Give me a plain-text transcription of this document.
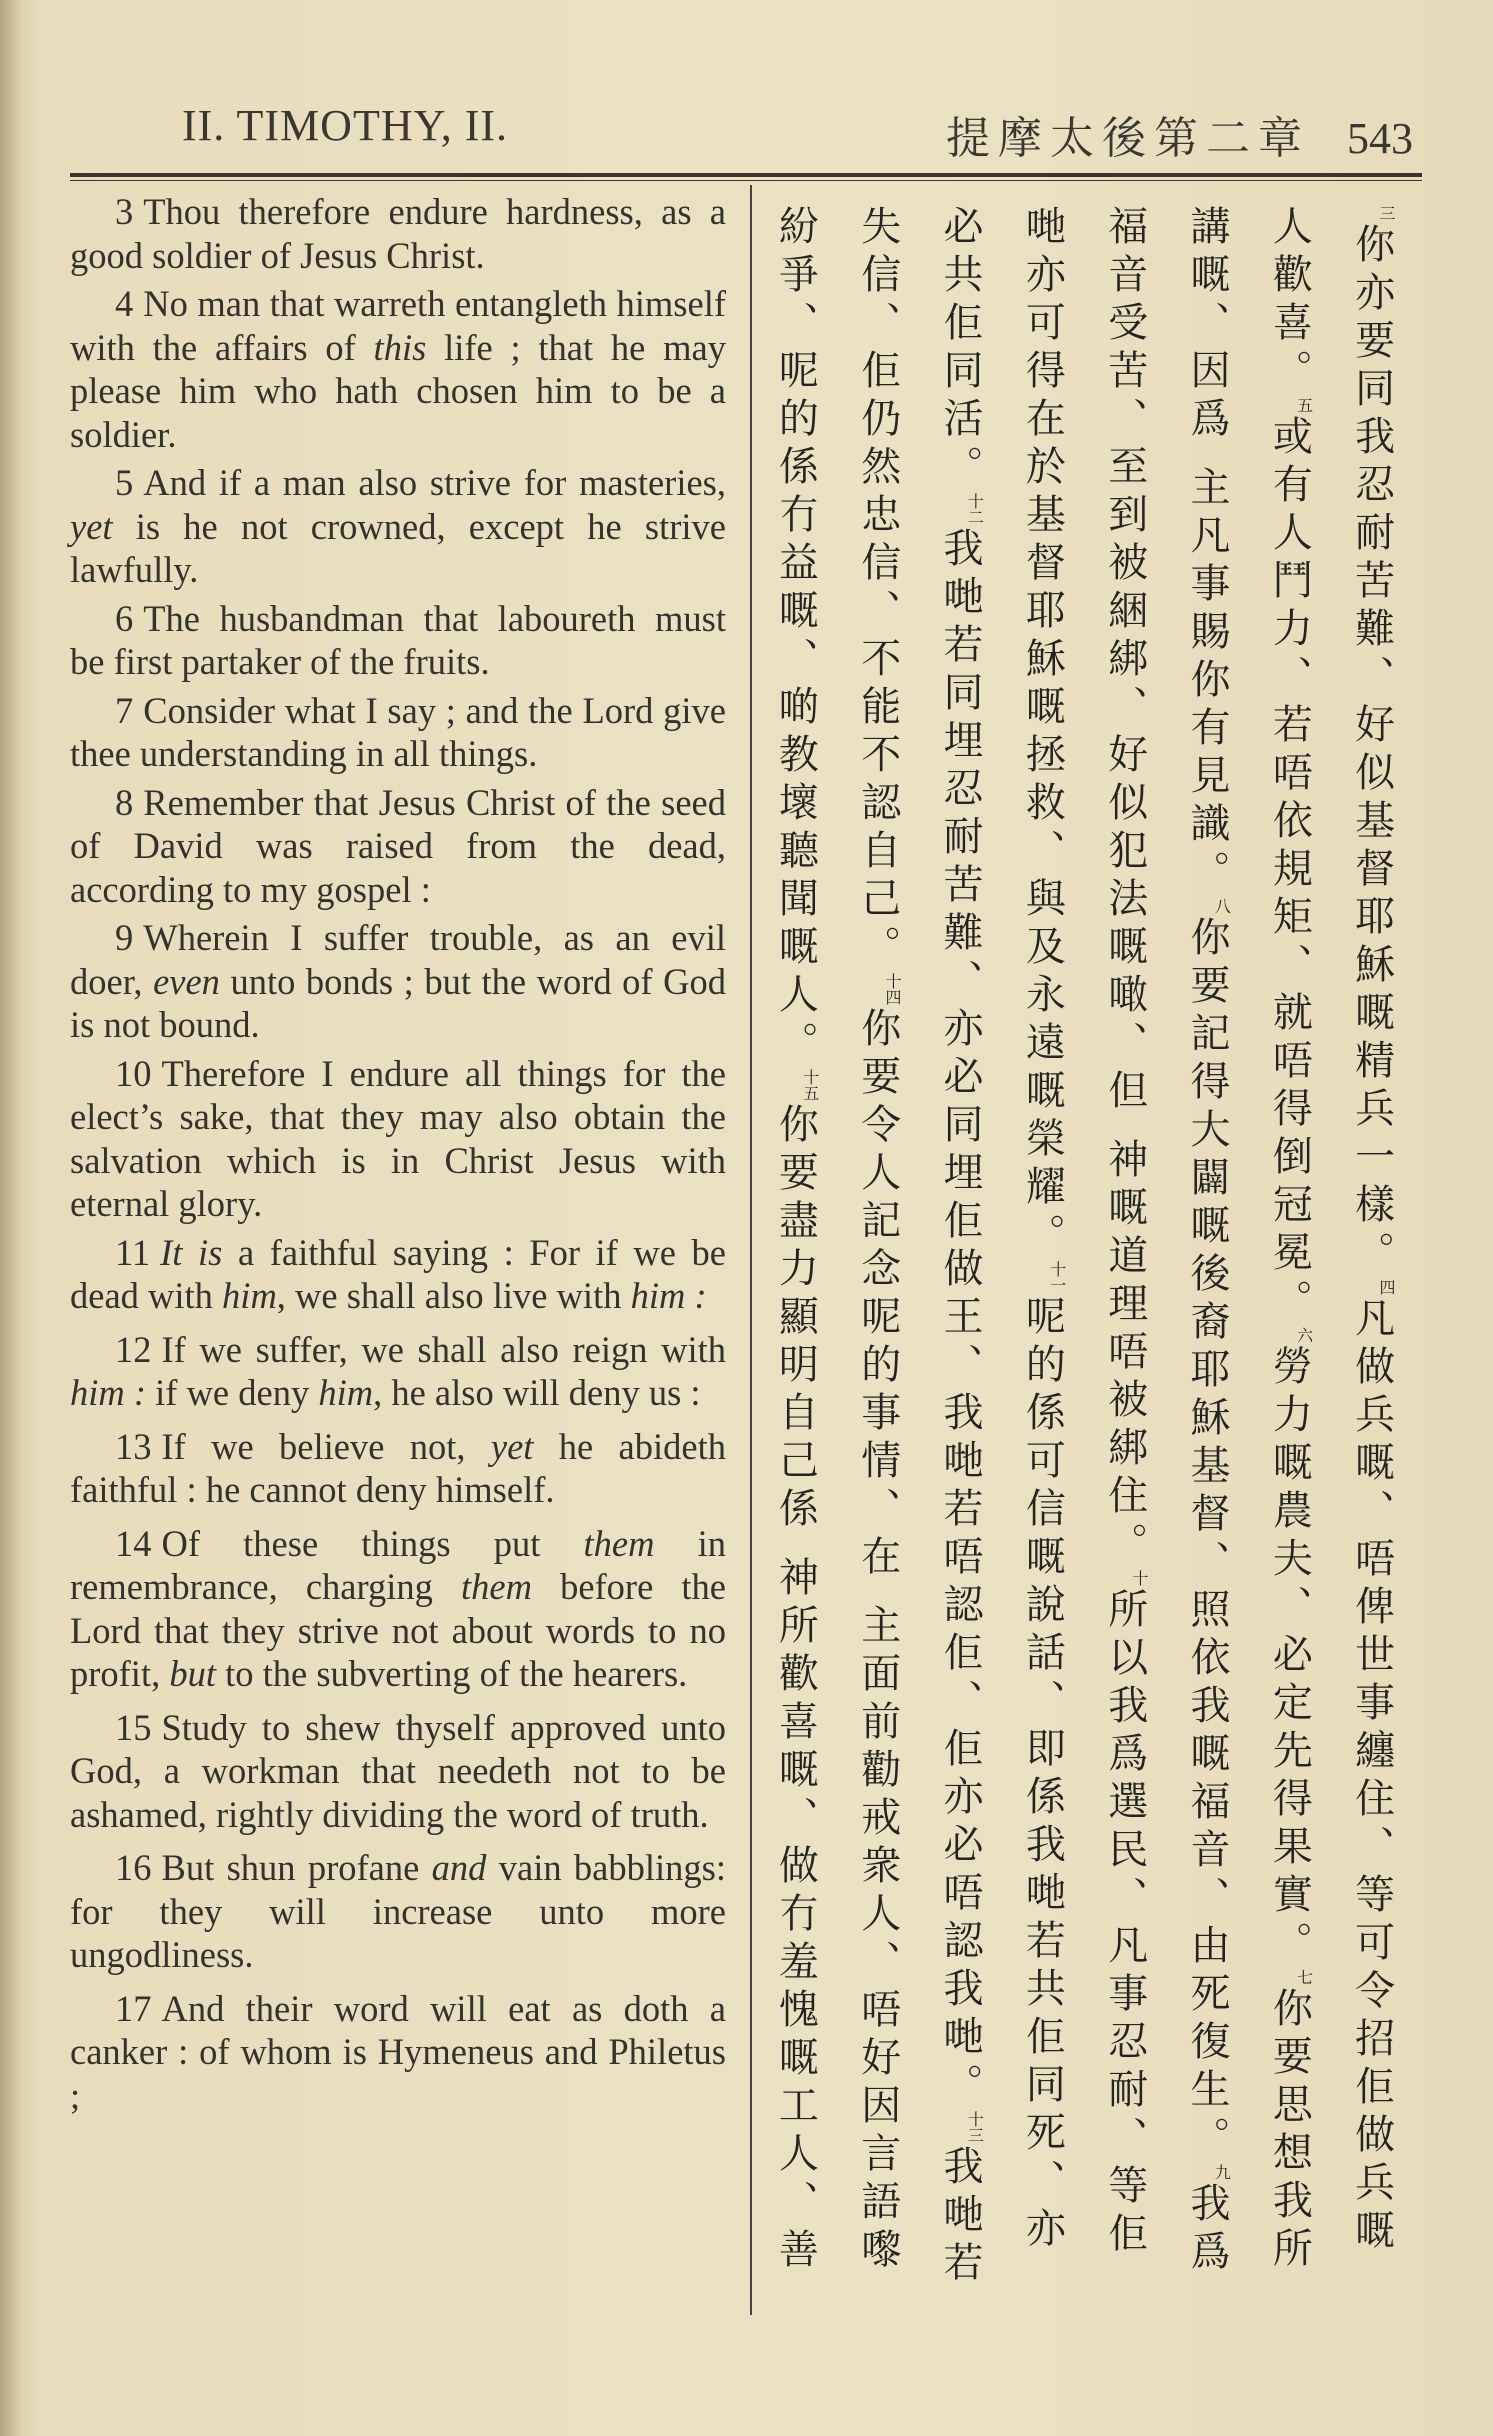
II. TIMOTHY, II.	提摩太後第二章 543

3 Thou therefore endure hardness, as a good soldier of Jesus Christ.

4 No man that warreth entangleth himself with the affairs of this life ; that he may please him who hath chosen him to be a soldier.

5 And if a man also strive for masteries, yet is he not crowned, except he strive lawfully.

6 The husbandman that laboureth must be first partaker of the fruits.

7 Consider what I say ; and the Lord give thee understanding in all things.

8 Remember that Jesus Christ of the seed of David was raised from the dead, according to my gospel :

9 Wherein I suffer trouble, as an evil doer, even unto bonds ; but the word of God is not bound.

10 Therefore I endure all things for the elect’s sake, that they may also obtain the salvation which is in Christ Jesus with eternal glory.

11 It is a faithful saying : For if we be dead with him, we shall also live with him :

12 If we suffer, we shall also reign with him : if we deny him, he also will deny us :

13 If we believe not, yet he abideth faithful : he cannot deny himself.

14 Of these things put them in remembrance, charging them before the Lord that they strive not about words to no profit, but to the subverting of the hearers.

15 Study to shew thyself approved unto God, a workman that needeth not to be ashamed, rightly dividing the word of truth.

16 But shun profane and vain babblings: for they will increase unto more ungodliness.

17 And their word will eat as doth a canker : of whom is Hymeneus and Philetus ;

$^三$你亦要同我忍耐苦難、好似基督耶穌嘅精兵一樣。$^四$凡做兵嘅、唔俾世事纏住、等可令招佢做兵嘅人歡喜。$^五$或有人鬥力、若唔依規矩、就唔得倒冠冕。$^六$勞力嘅農夫、必定先得果實。$^七$你要思想我所講嘅、因爲 主凡事賜你有見識。$^八$你要記得大闢嘅後裔耶穌基督、照依我嘅福音、由死復生。$^九$我爲福音受苦、至到被綑綁、好似犯法嘅噉、但 神嘅道理唔被綁住。$^十$所以我爲選民、凡事忍耐、等佢哋亦可得在於基督耶穌嘅拯救、與及永遠嘅榮耀。$^{十一}$呢的係可信嘅說話、即係我哋若共佢同死、亦必共佢同活。$^{十二}$我哋若同埋忍耐苦難、亦必同埋佢做王、我哋若唔認佢、佢亦必唔認我哋。$^{十三}$我哋若失信、佢仍然忠信、不能不認自己。$^{十四}$你要令人記念呢的事情、在 主面前勸戒衆人、唔好因言語嚟紛爭、呢的係冇益嘅、啲教壞聽聞嘅人。$^{十五}$你要盡力顯明自己係 神所歡喜嘅、做冇羞愧嘅工人、善
